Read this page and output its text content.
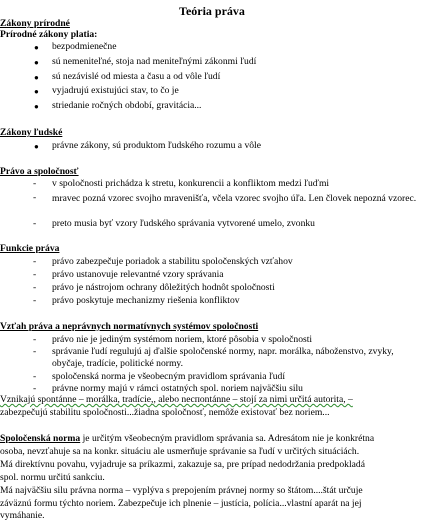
Teória práva
Zákony prírodné
Prírodné zákony platia:
● bezpodmienečne
● sú nemeniteľné, stoja nad meniteľnými zákonmi ľudí
● sú nezávislé od miesta a času a od vôle ľudí
● vyjadrujú existujúci stav, to čo je
● striedanie ročných období, gravitácia...
Zákony ľudské
● právne zákony, sú produktom ľudského rozumu a vôle
Právo a spoločnosť
- v spoločnosti prichádza k stretu, konkurencii a konfliktom medzi ľuďmi
- mravec pozná vzorec svojho mravenišťa, včela vzorec svojho úľa. Len človek nepozná vzorec.
- preto musia byť vzory ľudského správania vytvorené umelo, zvonku
Funkcie práva
- právo zabezpečuje poriadok a stabilitu spoločenských vzťahov
- právo ustanovuje relevantné vzory správania
- právo je nástrojom ochrany dôležitých hodnôt spoločnosti
- právo poskytuje mechanizmy riešenia konfliktov
Vzťah práva a neprávnych normatívnych systémov spoločnosti
- právo nie je jediným systémom noriem, ktoré pôsobia v spoločnosti
- správanie ľudí regulujú aj ďalšie spoločenské normy, napr. morálka, náboženstvo, zvyky, obyčaje, tradície, politické normy.
- spoločenská norma je všeobecným pravidlom správania ľudí
- právne normy majú v rámci ostatných spol. noriem najväčšiu silu
Vznikajú spontánne – morálka, tradície,, alebo neспontánne – stojí za nimi určitá autorita, –
zabezpečujú stabilitu spoločnosti...žiadna spoločnosť, nemôže existovať bez noriem...
Spoločenská norma je určitým všeobecným pravidlom správania sa. Adresátom nie je konkrétna
osoba, nevzťahuje sa na konkr. situáciu ale usmerňuje správanie sa ľudí v určitých situáciách.
Má direktívnu povahu, vyjadruje sa príkazmi, zakazuje sa, pre prípad nedodržania predpokladá
spol. normu určitú sankciu.
Má najväčšiu silu právna norma – vyplýva s prepojením právnej normy so štátom....štát určuje
záväznú formu týchto noriem. Zabezpečuje ich plnenie – justícia, polícia...vlastní aparát na jej
vymáhanie.
